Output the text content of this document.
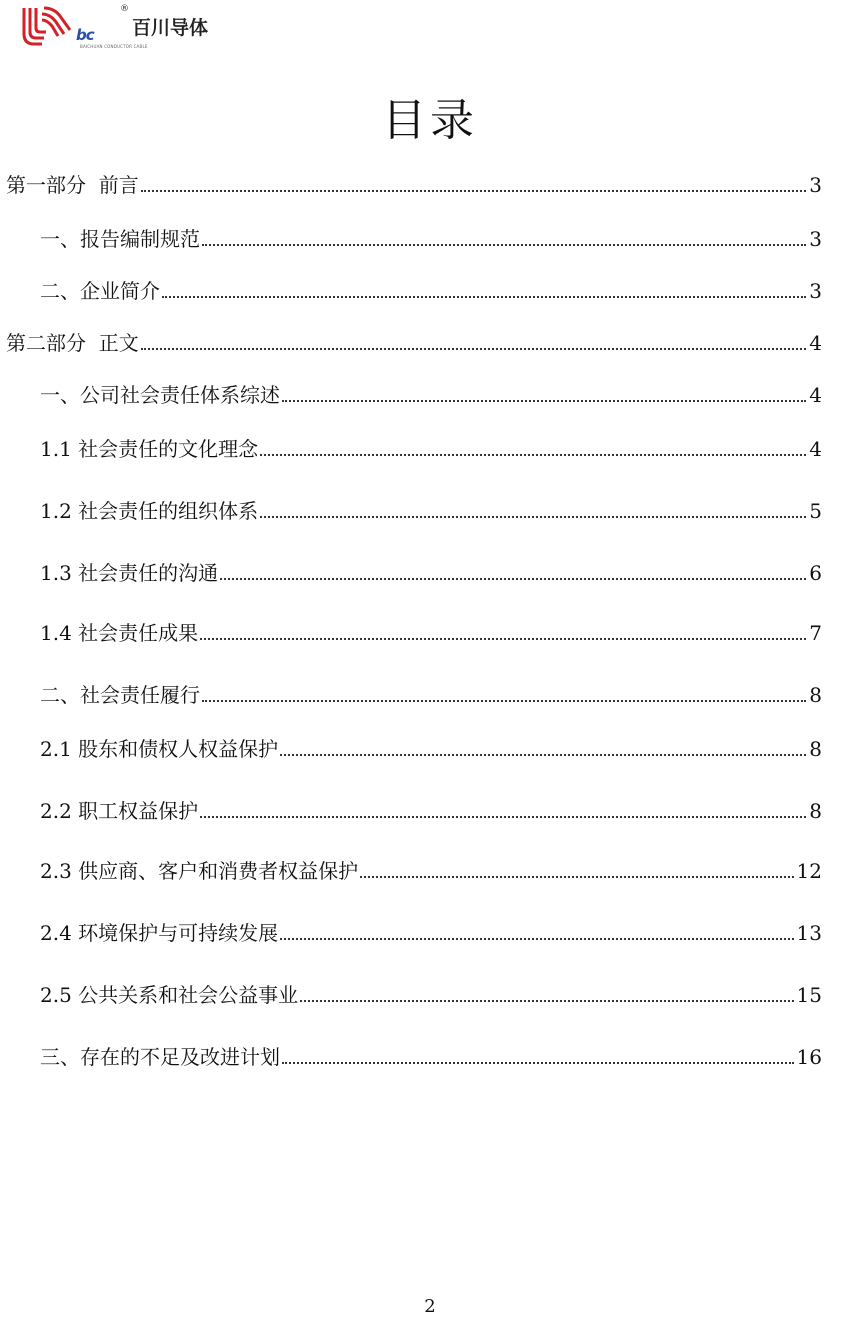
bc
®
百川导体
BAICHUAN CONDUCTOR CABLE
目录
第一部分  前言	3
一、报告编制规范	3
二、企业简介	3
第二部分  正文	4
一、公司社会责任体系综述	4
1.1 社会责任的文化理念	4
1.2 社会责任的组织体系	5
1.3 社会责任的沟通	6
1.4 社会责任成果	7
二、社会责任履行	8
2.1 股东和债权人权益保护	8
2.2 职工权益保护	8
2.3 供应商、客户和消费者权益保护	12
2.4 环境保护与可持续发展	13
2.5 公共关系和社会公益事业	15
三、存在的不足及改进计划	16
2
